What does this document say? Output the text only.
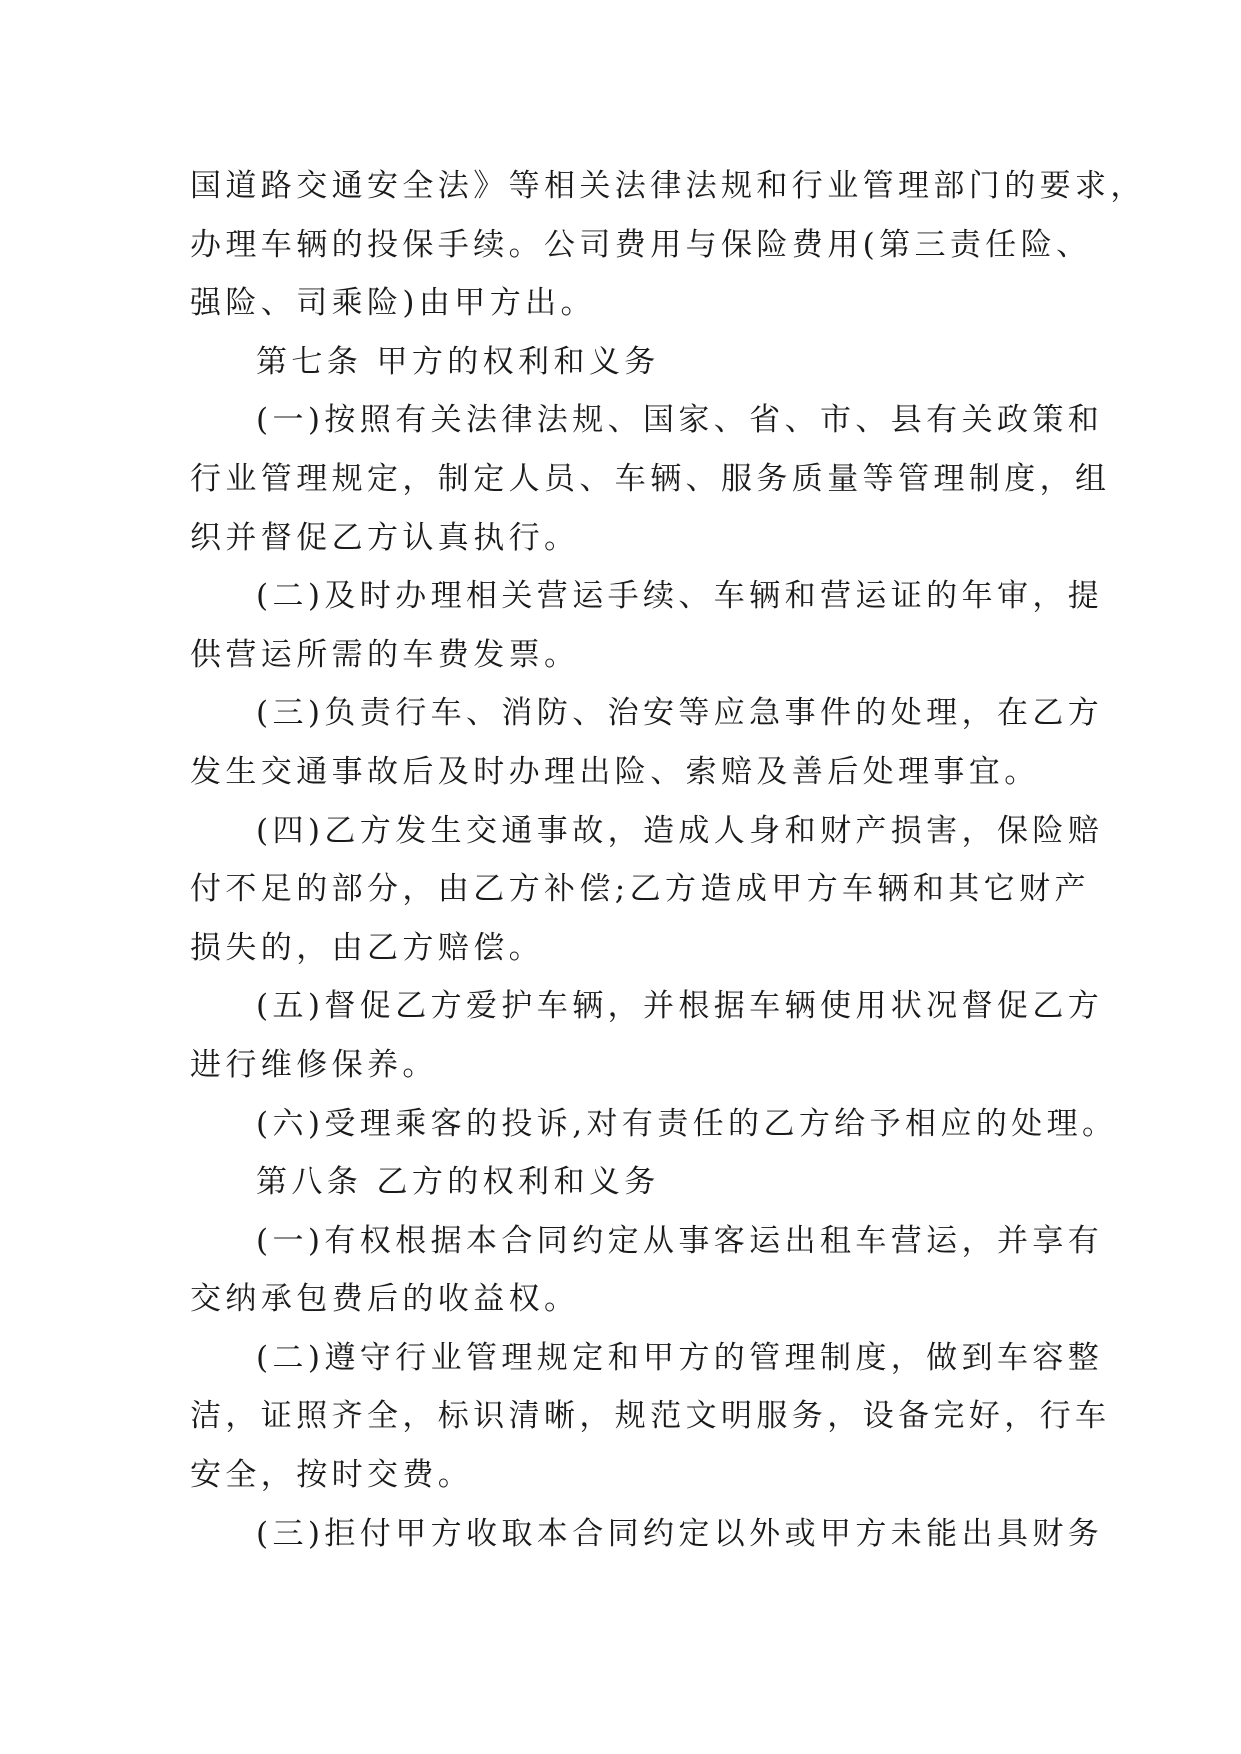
国道路交通安全法》等相关法律法规和行业管理部门的要求，

办理车辆的投保手续。公司费用与保险费用(第三责任险、

强险、司乘险)由甲方出。

第七条 甲方的权利和义务

(一)按照有关法律法规、国家、省、市、县有关政策和

行业管理规定，制定人员、车辆、服务质量等管理制度，组

织并督促乙方认真执行。

(二)及时办理相关营运手续、车辆和营运证的年审，提

供营运所需的车费发票。

(三)负责行车、消防、治安等应急事件的处理，在乙方

发生交通事故后及时办理出险、索赔及善后处理事宜。

(四)乙方发生交通事故，造成人身和财产损害，保险赔

付不足的部分，由乙方补偿;乙方造成甲方车辆和其它财产

损失的，由乙方赔偿。

(五)督促乙方爱护车辆，并根据车辆使用状况督促乙方

进行维修保养。

(六)受理乘客的投诉,对有责任的乙方给予相应的处理。

第八条 乙方的权利和义务

(一)有权根据本合同约定从事客运出租车营运，并享有

交纳承包费后的收益权。

(二)遵守行业管理规定和甲方的管理制度，做到车容整

洁，证照齐全，标识清晰，规范文明服务，设备完好，行车

安全，按时交费。

(三)拒付甲方收取本合同约定以外或甲方未能出具财务
